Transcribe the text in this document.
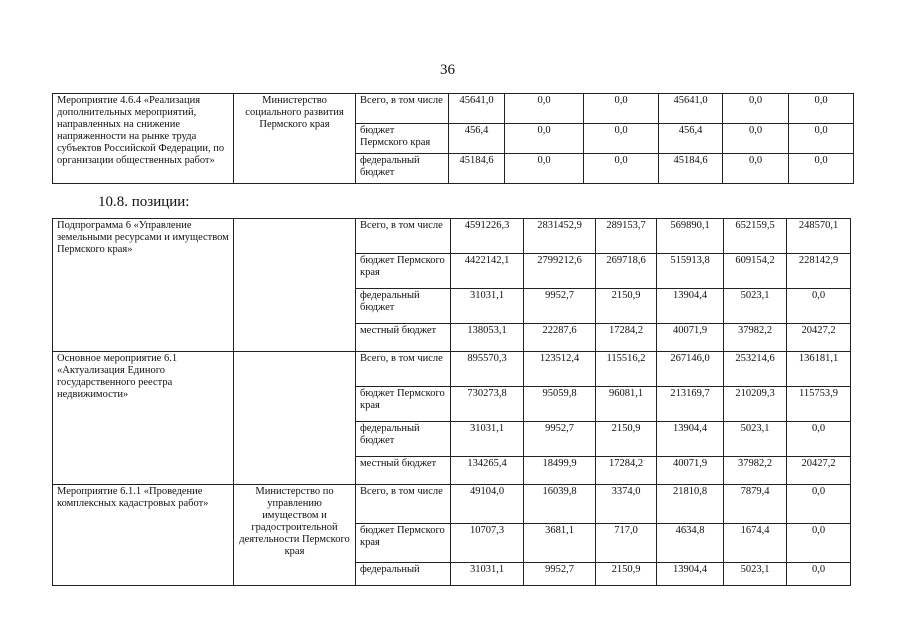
36
Мероприятие 4.6.4 «Реализация дополнительных мероприятий, направленных на снижение напряженности на рынке труда субъектов Российской Федерации, по организации общественных работ»	Министерство социального развития Пермского края	Всего, в том числе	45641,0	0,0	0,0	45641,0	0,0	0,0
		бюджет Пермского края	456,4	0,0	0,0	456,4	0,0	0,0
		федеральный бюджет	45184,6	0,0	0,0	45184,6	0,0	0,0
10.8. позиции:
Подпрограмма 6 «Управление земельными ресурсами и имуществом Пермского края»		Всего, в том числе	4591226,3	2831452,9	289153,7	569890,1	652159,5	248570,1
		бюджет Пермского края	4422142,1	2799212,6	269718,6	515913,8	609154,2	228142,9
		федеральный бюджет	31031,1	9952,7	2150,9	13904,4	5023,1	0,0
		местный бюджет	138053,1	22287,6	17284,2	40071,9	37982,2	20427,2
Основное мероприятие 6.1 «Актуализация Единого государственного реестра недвижимости»		Всего, в том числе	895570,3	123512,4	115516,2	267146,0	253214,6	136181,1
		бюджет Пермского края	730273,8	95059,8	96081,1	213169,7	210209,3	115753,9
		федеральный бюджет	31031,1	9952,7	2150,9	13904,4	5023,1	0,0
		местный бюджет	134265,4	18499,9	17284,2	40071,9	37982,2	20427,2
Мероприятие 6.1.1 «Проведение комплексных кадастровых работ»	Министерство по управлению имуществом и градостроительной деятельности Пермского края	Всего, в том числе	49104,0	16039,8	3374,0	21810,8	7879,4	0,0
		бюджет Пермского края	10707,3	3681,1	717,0	4634,8	1674,4	0,0
		федеральный	31031,1	9952,7	2150,9	13904,4	5023,1	0,0
